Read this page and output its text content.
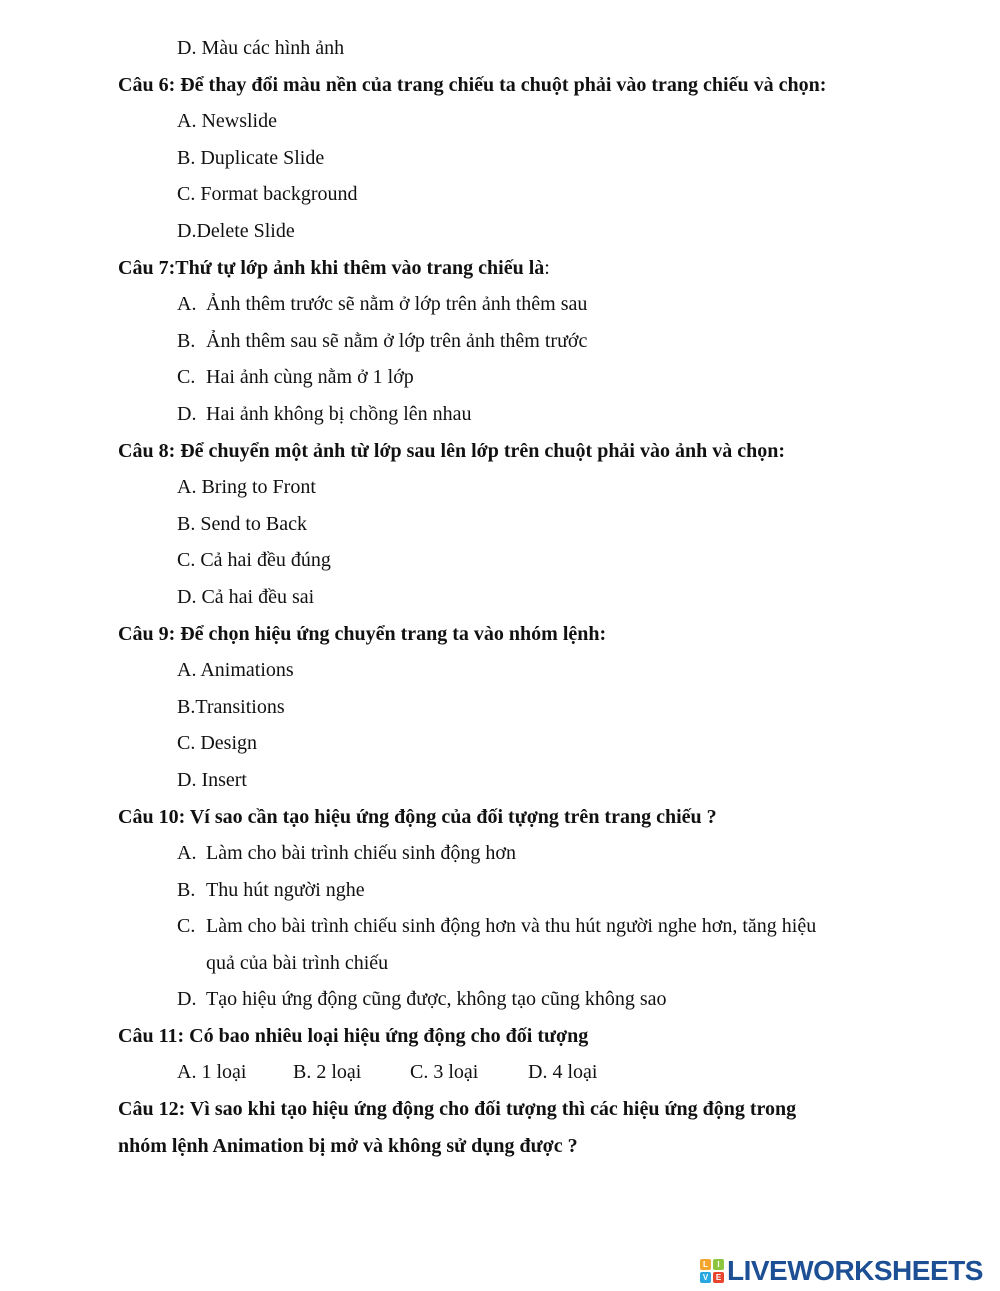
D. Màu các hình ảnh
Câu 6: Để thay đổi màu nền của trang chiếu ta chuột phải vào trang chiếu và chọn:
A. Newslide
B. Duplicate Slide
C. Format background
D.Delete Slide
Câu 7:Thứ tự lớp ảnh khi thêm vào trang chiếu là:
A. Ảnh thêm trước sẽ nằm ở lớp trên ảnh thêm sau
B. Ảnh thêm sau sẽ nằm ở lớp trên ảnh thêm trước
C. Hai ảnh cùng nằm ở 1 lớp
D. Hai ảnh không bị chồng lên nhau
Câu 8: Để chuyển một ảnh từ lớp sau lên lớp trên chuột phải vào ảnh và chọn:
A. Bring to Front
B. Send to Back
C. Cả hai đều đúng
D. Cả hai đều sai
Câu 9: Để chọn hiệu ứng chuyển trang ta vào nhóm lệnh:
A. Animations
B.Transitions
C. Design
D. Insert
Câu 10: Ví sao cần tạo hiệu ứng động của đối tựợng trên trang chiếu ?
A. Làm cho bài trình chiếu sinh động hơn
B. Thu hút người nghe
C. Làm cho bài trình chiếu sinh động hơn và thu hút người nghe hơn, tăng hiệu
quả của bài trình chiếu
D. Tạo hiệu ứng động cũng được, không tạo cũng không sao
Câu 11: Có bao nhiêu loại hiệu ứng động cho đối tượng
A. 1 loại B. 2 loại C. 3 loại D. 4 loại
Câu 12: Vì sao khi tạo hiệu ứng động cho đối tượng thì các hiệu ứng động trong
nhóm lệnh Animation bị mở và không sử dụng được ?
L	I
V E LIVEWORKSHEETS
